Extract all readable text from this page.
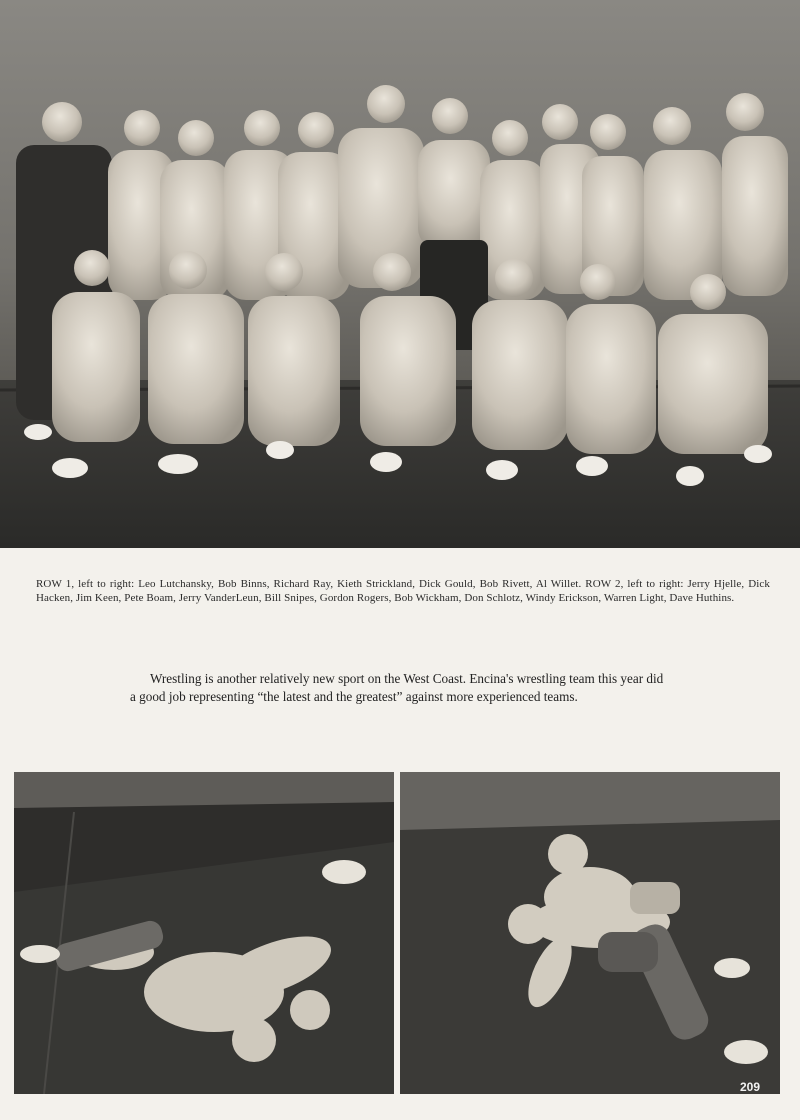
ROW 1, left to right: Leo Lutchansky, Bob Binns, Richard Ray, Kieth Strickland, Dick Gould, Bob Rivett, Al Willet. ROW 2, left to right: Jerry Hjelle, Dick Hacken, Jim Keen, Pete Boam, Jerry VanderLeun, Bill Snipes, Gordon Rogers, Bob Wickham, Don Schlotz, Windy Erickson, Warren Light, Dave Huthins.

Wrestling is another relatively new sport on the West Coast. Encina's wrestling team this year did a good job representing “the latest and the greatest” against more experienced teams.

209
